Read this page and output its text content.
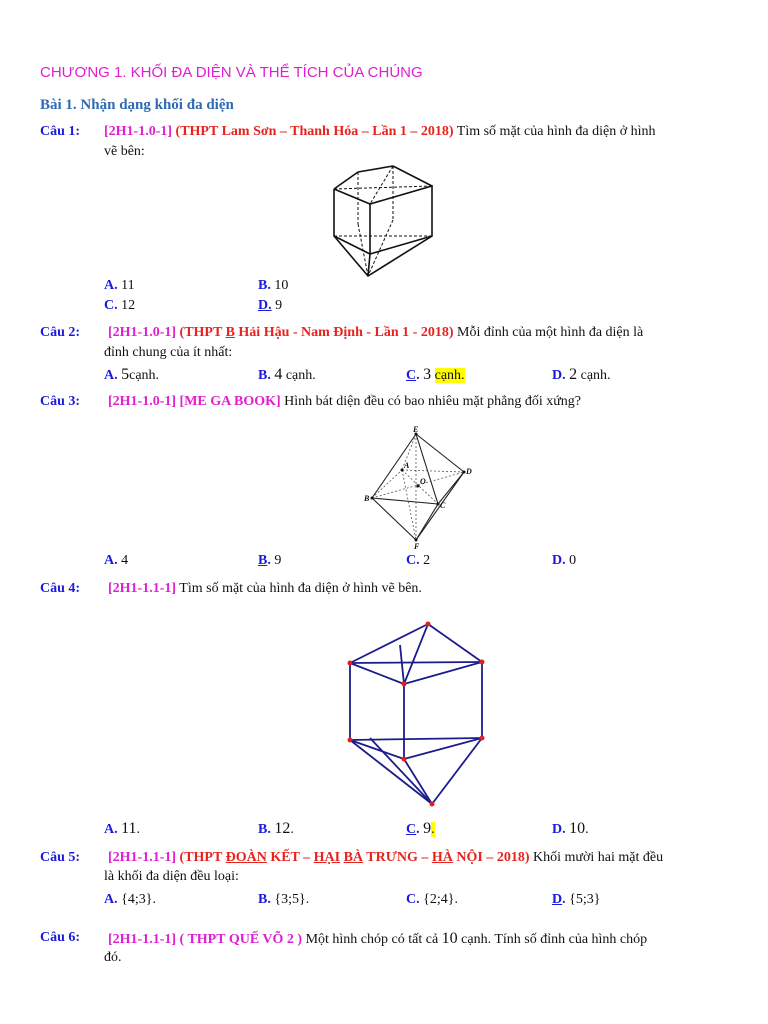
CHƯƠNG 1. KHỐI ĐA DIỆN VÀ THỂ TÍCH CỦA CHÚNG
Bài 1. Nhận dạng khối đa diện
Câu 1: [2H1-1.0-1] (THPT Lam Sơn – Thanh Hóa – Lần 1 – 2018) Tìm số mặt của hình đa diện ở hình
vẽ bên:
A. 11	B. 10
C. 12	D. 9
Câu 2: [2H1-1.0-1] (THPT B Hải Hậu - Nam Định - Lần 1 - 2018) Mỗi đỉnh của một hình đa diện là
đỉnh chung của ít nhất:
A. 5cạnh.	B. 4 cạnh.	C. 3 cạnh.	D. 2 cạnh.
Câu 3: [2H1-1.0-1] [ME GA BOOK] Hình bát diện đều có bao nhiêu mặt phẳng đối xứng?
E
A
D
O
B
C
F
A. 4	B. 9	C. 2	D. 0
Câu 4: [2H1-1.1-1] Tìm số mặt của hình đa diện ở hình vẽ bên.
A. 11.	B. 12.	C. 9.	D. 10.
Câu 5: [2H1-1.1-1] (THPT ĐOÀN KẾT – HẠI BÀ TRƯNG – HÀ NỘI – 2018) Khối mười hai mặt đều
là khối đa diện đều loại:
A. {4;3}.	B. {3;5}.	C. {2;4}.	D. {5;3}
Câu 6: [2H1-1.1-1] ( THPT QUẾ VÕ 2 ) Một hình chóp có tất cả 10 cạnh. Tính số đỉnh của hình chóp
đó.
